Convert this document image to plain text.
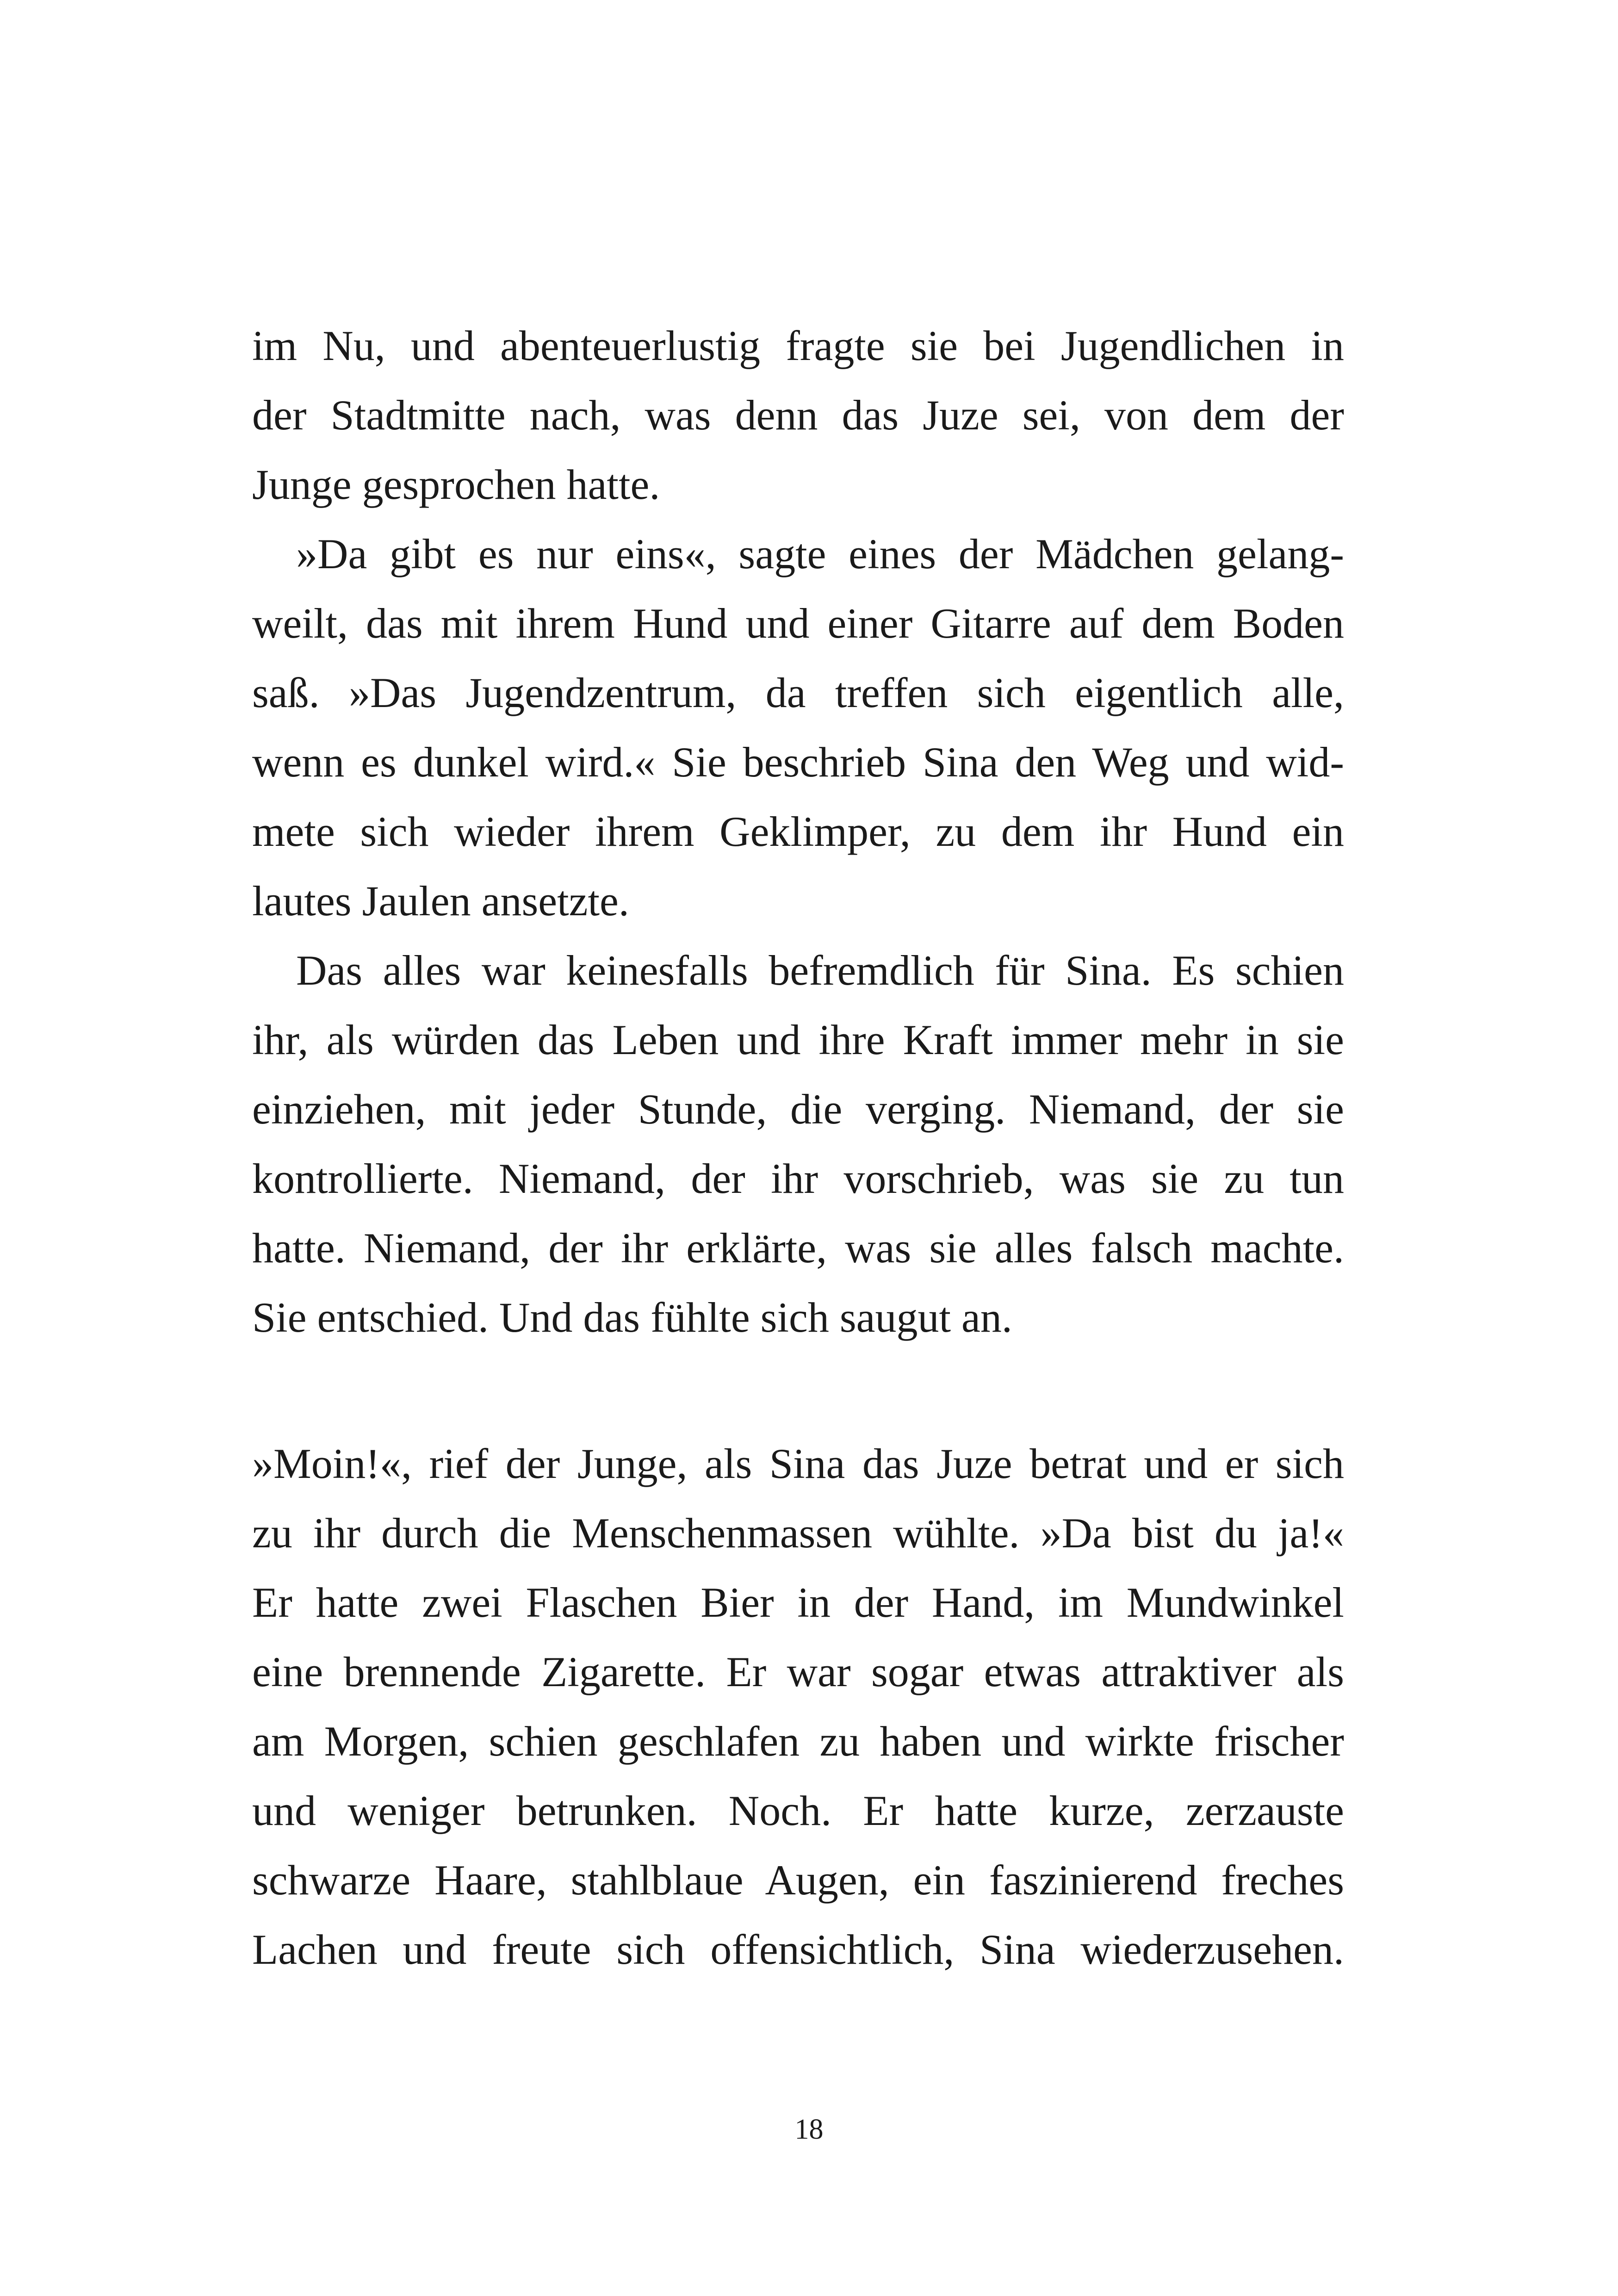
im Nu, und abenteuerlustig fragte sie bei Jugendlichen in
der Stadtmitte nach, was denn das Juze sei, von dem der
Junge gesprochen hatte.
»Da gibt es nur eins«, sagte eines der Mädchen gelang-
weilt, das mit ihrem Hund und einer Gitarre auf dem Boden
saß. »Das Jugendzentrum, da treffen sich eigentlich alle,
wenn es dunkel wird.« Sie beschrieb Sina den Weg und wid-
mete sich wieder ihrem Geklimper, zu dem ihr Hund ein
lautes Jaulen ansetzte.
Das alles war keinesfalls befremdlich für Sina. Es schien
ihr, als würden das Leben und ihre Kraft immer mehr in sie
einziehen, mit jeder Stunde, die verging. Niemand, der sie
kontrollierte. Niemand, der ihr vorschrieb, was sie zu tun
hatte. Niemand, der ihr erklärte, was sie alles falsch machte.
Sie entschied. Und das fühlte sich saugut an.
»Moin!«, rief der Junge, als Sina das Juze betrat und er sich
zu ihr durch die Menschenmassen wühlte. »Da bist du ja!«
Er hatte zwei Flaschen Bier in der Hand, im Mundwinkel
eine brennende Zigarette. Er war sogar etwas attraktiver als
am Morgen, schien geschlafen zu haben und wirkte frischer
und weniger betrunken. Noch. Er hatte kurze, zerzauste
schwarze Haare, stahlblaue Augen, ein faszinierend freches
Lachen und freute sich offensichtlich, Sina wiederzusehen.
18
